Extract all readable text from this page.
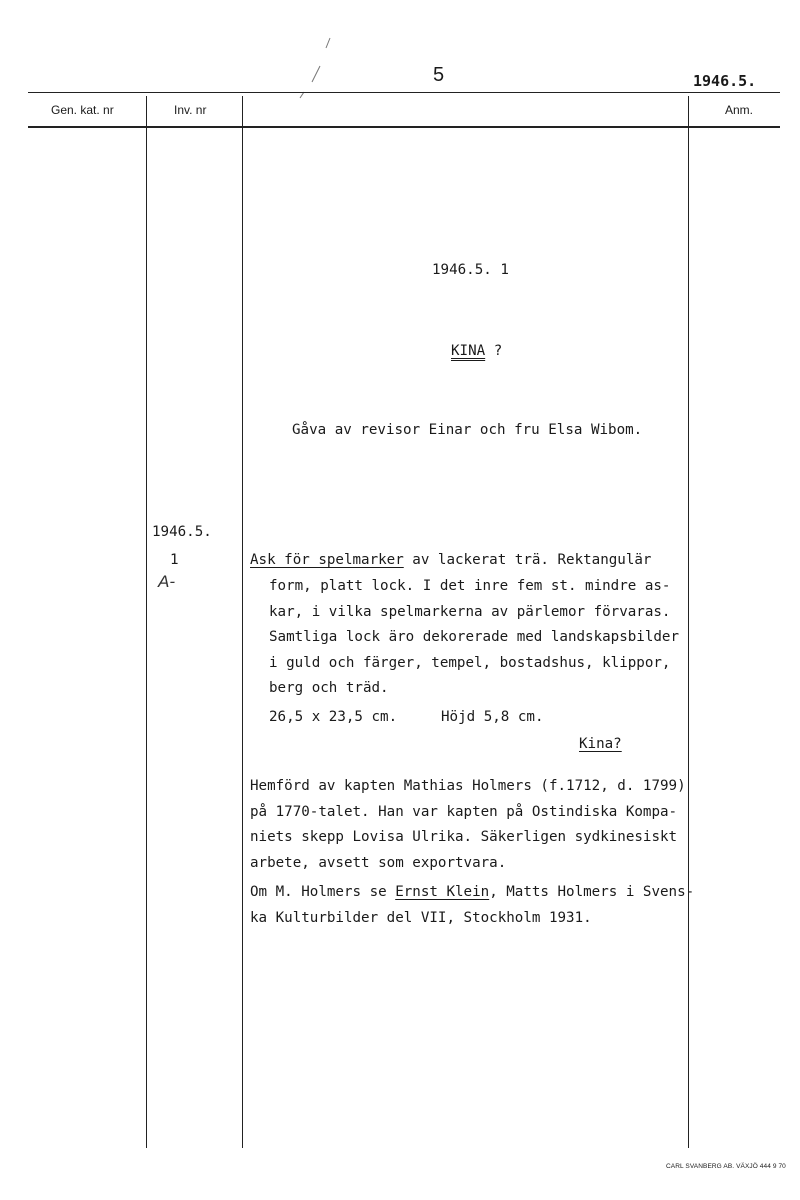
5	1946.5.
Gen. kat. nr	Inv. nr	Anm.
1946.5. 1
KINA ?
Gåva av revisor Einar och fru Elsa Wibom.
1946.5.
1
A-
Ask för spelmarker av lackerat trä. Rektangulär
form, platt lock. I det inre fem st. mindre as-
kar, i vilka spelmarkerna av pärlemor förvaras.
Samtliga lock äro dekorerade med landskapsbilder
i guld och färger, tempel, bostadshus, klippor,
berg och träd.
26,5 x 23,5 cm.	Höjd 5,8 cm.
Kina?
Hemförd av kapten Mathias Holmers (f.1712, d. 1799)
på 1770-talet. Han var kapten på Ostindiska Kompa-
niets skepp Lovisa Ulrika. Säkerligen sydkinesiskt
arbete, avsett som exportvara.
Om M. Holmers se Ernst Klein, Matts Holmers i Svens-
ka Kulturbilder del VII, Stockholm 1931.
CARL SVANBERG AB. VÄXJÖ 444 9 70
